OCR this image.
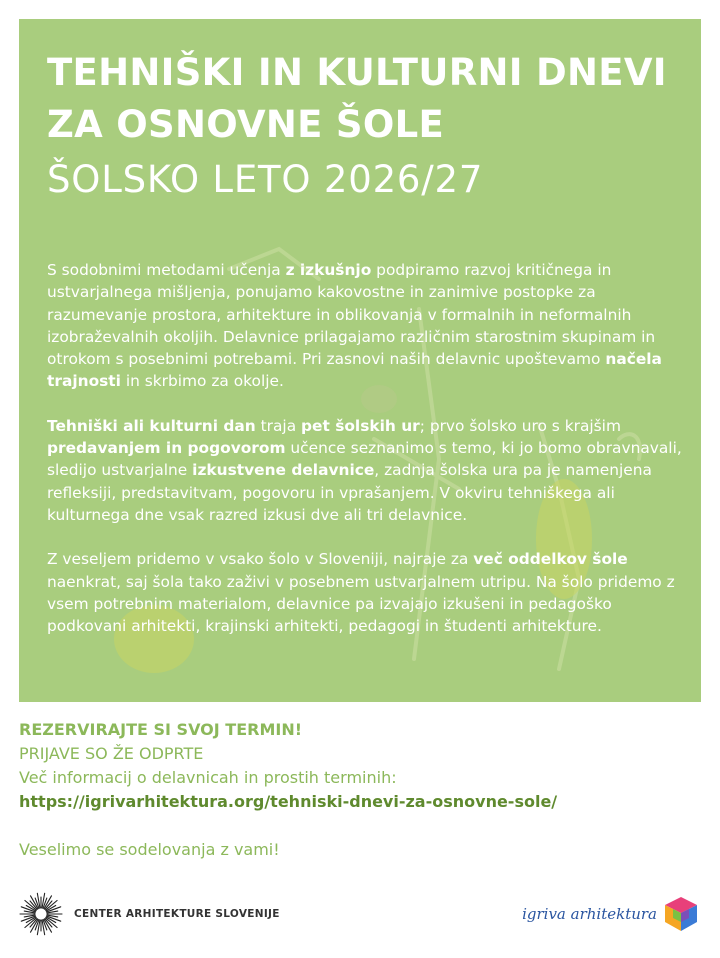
TEHNIŠKI IN KULTURNI DNEVI
ZA OSNOVNE ŠOLE
ŠOLSKO LETO 2026/27

S sodobnimi metodami učenja z izkušnjo podpiramo razvoj kritičnega in ustvarjalnega mišljenja, ponujamo kakovostne in zanimive postopke za razumevanje prostora, arhitekture in oblikovanja v formalnih in neformalnih izobraževalnih okoljih. Delavnice prilagajamo različnim starostnim skupinam in otrokom s posebnimi potrebami. Pri zasnovi naših delavnic upoštevamo načela trajnosti in skrbimo za okolje.

Tehniški ali kulturni dan traja pet šolskih ur; prvo šolsko uro s krajšim predavanjem in pogovorom učence seznanimo s temo, ki jo bomo obravnavali, sledijo ustvarjalne izkustvene delavnice, zadnja šolska ura pa je namenjena refleksiji, predstavitvam, pogovoru in vprašanjem. V okviru tehniškega ali kulturnega dne vsak razred izkusi dve ali tri delavnice.

Z veseljem pridemo v vsako šolo v Sloveniji, najraje za več oddelkov šole naenkrat, saj šola tako zaživi v posebnem ustvarjalnem utripu. Na šolo pridemo z vsem potrebnim materialom, delavnice pa izvajajo izkušeni in pedagoško podkovani arhitekti, krajinski arhitekti, pedagogi in študenti arhitekture.

REZERVIRAJTE SI SVOJ TERMIN!
PRIJAVE SO ŽE ODPRTE
Več informacij o delavnicah in prostih terminih:
https://igrivarhitektura.org/tehniski-dnevi-za-osnovne-sole/
Veselimo se sodelovanja z vami!
CENTER ARHITEKTURE SLOVENIJE	igriva arhitektura
